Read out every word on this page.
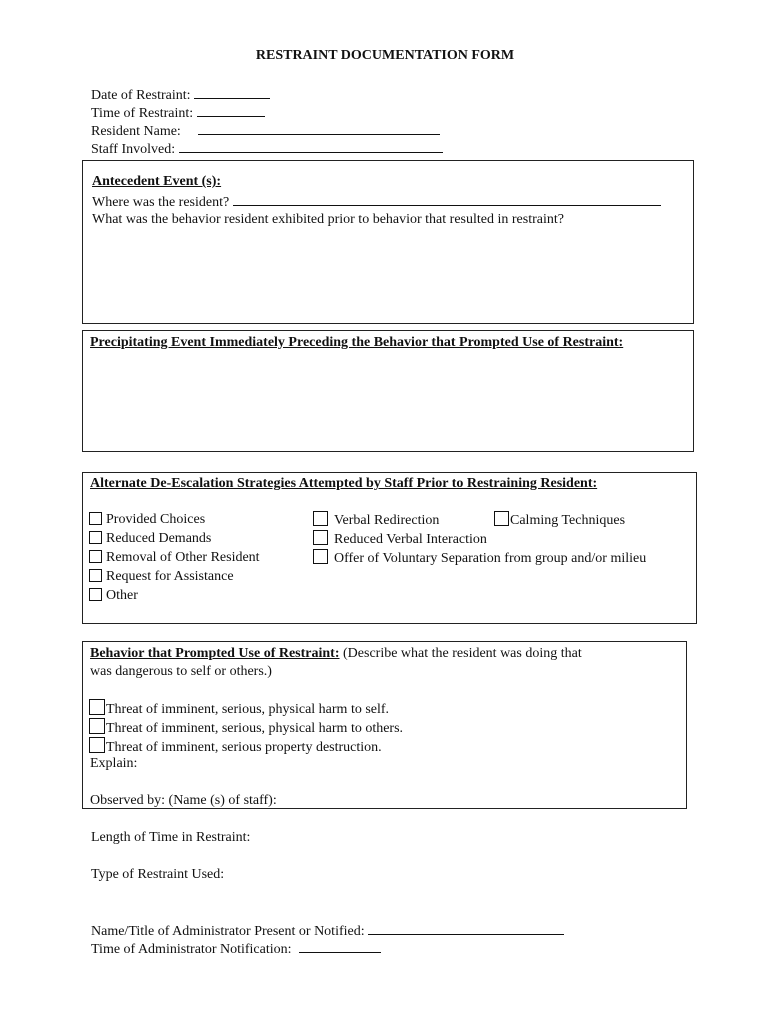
RESTRAINT DOCUMENTATION FORM
Date of Restraint:
Time of Restraint:
Resident Name:
Staff Involved:
Antecedent Event (s):
Where was the resident?
What was the behavior resident exhibited prior to behavior that resulted in restraint?
Precipitating Event Immediately Preceding the Behavior that Prompted Use of Restraint:
Alternate De-Escalation Strategies Attempted by Staff Prior to Restraining Resident:
Provided Choices
Reduced Demands
Removal of Other Resident
Request for Assistance
Other
Verbal Redirection
Reduced Verbal Interaction
Offer of Voluntary Separation from group and/or milieu
Calming Techniques
Behavior that Prompted Use of Restraint: (Describe what the resident was doing that
was dangerous to self or others.)
Threat of imminent, serious, physical harm to self.
Threat of imminent, serious, physical harm to others.
Threat of imminent, serious property destruction.
Explain:
Observed by: (Name (s) of staff):
Length of Time in Restraint:
Type of Restraint Used:
Name/Title of Administrator Present or Notified:
Time of Administrator Notification:
